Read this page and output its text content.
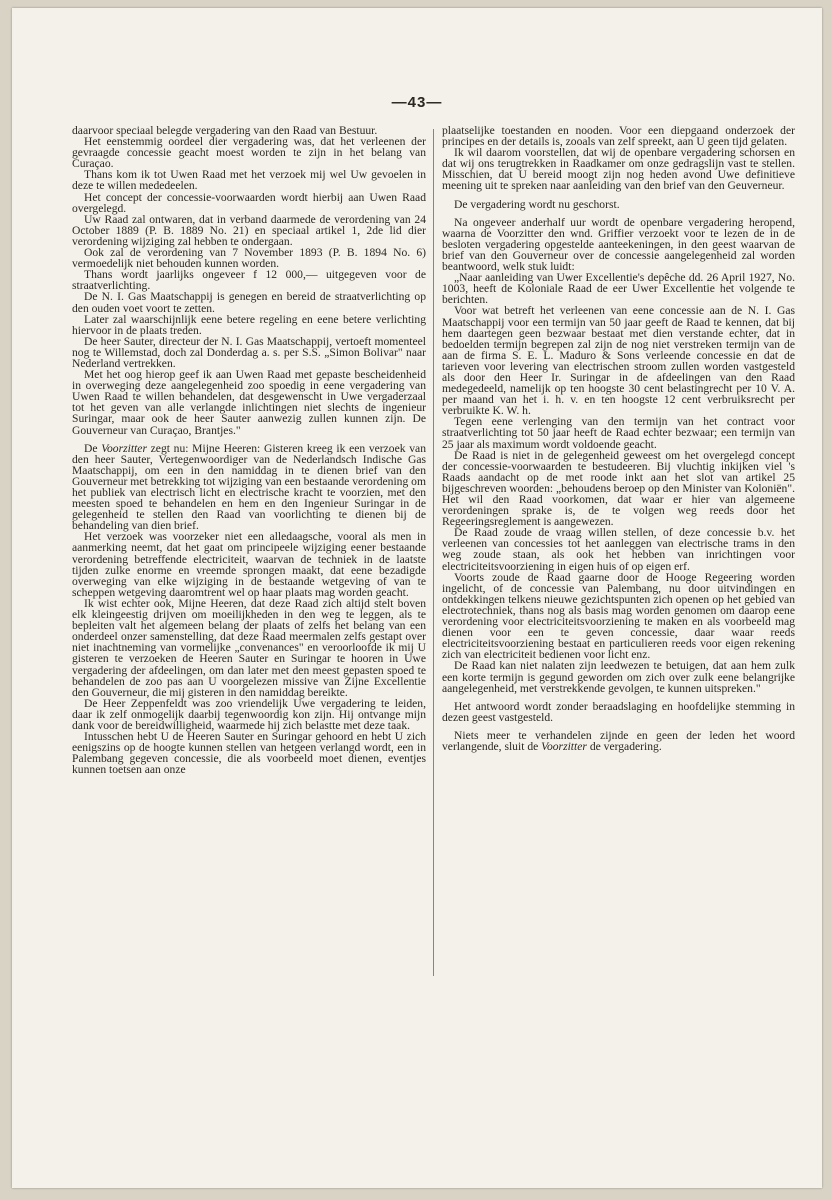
—43—

daarvoor speciaal belegde vergadering van den Raad van Bestuur.

Het eenstemmig oordeel dier vergadering was, dat het verleenen der gevraagde concessie geacht moest worden te zijn in het belang van Curaçao.

Thans kom ik tot Uwen Raad met het verzoek mij wel Uw gevoelen in deze te willen mededeelen.

Het concept der concessie-voorwaarden wordt hierbij aan Uwen Raad overgelegd.

Uw Raad zal ontwaren, dat in verband daarmede de verordening van 24 October 1889 (P. B. 1889 No. 21) en speciaal artikel 1, 2de lid dier verordening wijziging zal hebben te ondergaan.

Ook zal de verordening van 7 November 1893 (P. B. 1894 No. 6) vermoedelijk niet behouden kunnen worden.

Thans wordt jaarlijks ongeveer f 12 000,— uitgegeven voor de straatverlichting.

De N. I. Gas Maatschappij is genegen en bereid de straatverlichting op den ouden voet voort te zetten.

Later zal waarschijnlijk eene betere regeling en eene betere verlichting hiervoor in de plaats treden.

De heer Sauter, directeur der N. I. Gas Maatschappij, vertoeft momenteel nog te Willemstad, doch zal Donderdag a. s. per S.S. „Simon Bolivar" naar Nederland vertrekken.

Met het oog hierop geef ik aan Uwen Raad met gepaste bescheidenheid in overweging deze aangelegenheid zoo spoedig in eene vergadering van Uwen Raad te willen behandelen, dat desgewenscht in Uwe vergaderzaal tot het geven van alle verlangde inlichtingen niet slechts de ingenieur Suringar, maar ook de heer Sauter aanwezig zullen kunnen zijn. De Gouverneur van Curaçao, Brantjes."

De Voorzitter zegt nu: Mijne Heeren: Gisteren kreeg ik een verzoek van den heer Sauter, Vertegenwoordiger van de Nederlandsch Indische Gas Maatschappij, om een in den namiddag in te dienen brief van den Gouverneur met betrekking tot wijziging van een bestaande verordening om het publiek van electrisch licht en electrische kracht te voorzien, met den meesten spoed te behandelen en hem en den Ingenieur Suringar in de gelegenheid te stellen den Raad van voorlichting te dienen bij de behandeling van dien brief.

Het verzoek was voorzeker niet een alledaagsche, vooral als men in aanmerking neemt, dat het gaat om principeele wijziging eener bestaande verordening betreffende electriciteit, waarvan de techniek in de laatste tijden zulke enorme en vreemde sprongen maakt, dat eene bezadigde overweging van elke wijziging in de bestaande wetgeving of van te scheppen wetgeving daaromtrent wel op haar plaats mag worden geacht.

Ik wist echter ook, Mijne Heeren, dat deze Raad zich altijd stelt boven elk kleingeestig drijven om moeilijkheden in den weg te leggen, als te bepleiten valt het algemeen belang der plaats of zelfs het belang van een onderdeel onzer samenstelling, dat deze Raad meermalen zelfs gestapt over niet inachtneming van vormelijke „convenances" en veroorloofde ik mij U gisteren te verzoeken de Heeren Sauter en Suringar te hooren in Uwe vergadering der afdeelingen, om dan later met den meest gepasten spoed te behandelen de zoo pas aan U voorgelezen missive van Zijne Excellentie den Gouverneur, die mij gisteren in den namiddag bereikte.

De Heer Zeppenfeldt was zoo vriendelijk Uwe vergadering te leiden, daar ik zelf onmogelijk daarbij tegenwoordig kon zijn. Hij ontvange mijn dank voor de bereidwilligheid, waarmede hij zich belastte met deze taak.

Intusschen hebt U de Heeren Sauter en Suringar gehoord en hebt U zich eenigszins op de hoogte kunnen stellen van hetgeen verlangd wordt, een in Palembang gegeven concessie, die als voorbeeld moet dienen, eventjes kunnen toetsen aan onze

plaatselijke toestanden en nooden. Voor een diepgaand onderzoek der principes en der details is, zooals van zelf spreekt, aan U geen tijd gelaten.

Ik wil daarom voorstellen, dat wij de openbare vergadering schorsen en dat wij ons terugtrekken in Raadkamer om onze gedragslijn vast te stellen. Misschien, dat U bereid moogt zijn nog heden avond Uwe definitieve meening uit te spreken naar aanleiding van den brief van den Geuverneur.

De vergadering wordt nu geschorst.

Na ongeveer anderhalf uur wordt de openbare vergadering heropend, waarna de Voorzitter den wnd. Griffier verzoekt voor te lezen de in de besloten vergadering opgestelde aanteekeningen, in den geest waarvan de brief van den Gouverneur over de concessie aangelegenheid zal worden beantwoord, welk stuk luidt:

„Naar aanleiding van Uwer Excellentie's depêche dd. 26 April 1927, No. 1003, heeft de Koloniale Raad de eer Uwer Excellentie het volgende te berichten.

Voor wat betreft het verleenen van eene concessie aan de N. I. Gas Maatschappij voor een termijn van 50 jaar geeft de Raad te kennen, dat bij hem daartegen geen bezwaar bestaat met dien verstande echter, dat in bedoelden termijn begrepen zal zijn de nog niet verstreken termijn van de aan de firma S. E. L. Maduro & Sons verleende concessie en dat de tarieven voor levering van electrischen stroom zullen worden vastgesteld als door den Heer Ir. Suringar in de afdeelingen van den Raad medegedeeld, namelijk op ten hoogste 30 cent belastingrecht per 10 V. A. per maand van het i. h. v. en ten hoogste 12 cent verbruiksrecht per verbruikte K. W. h.

Tegen eene verlenging van den termijn van het contract voor straatverlichting tot 50 jaar heeft de Raad echter bezwaar; een termijn van 25 jaar als maximum wordt voldoende geacht.

De Raad is niet in de gelegenheid geweest om het overgelegd concept der concessie-voorwaarden te bestudeeren. Bij vluchtig inkijken viel 's Raads aandacht op de met roode inkt aan het slot van artikel 25 bijgeschreven woorden: „behoudens beroep op den Minister van Koloniën". Het wil den Raad voorkomen, dat waar er hier van algemeene verordeningen sprake is, de te volgen weg reeds door het Regeeringsreglement is aangewezen.

De Raad zoude de vraag willen stellen, of deze concessie b.v. het verleenen van concessies tot het aanleggen van electrische trams in den weg zoude staan, als ook het hebben van inrichtingen voor electriciteitsvoorziening in eigen huis of op eigen erf.

Voorts zoude de Raad gaarne door de Hooge Regeering worden ingelicht, of de concessie van Palembang, nu door uitvindingen en ontdekkingen telkens nieuwe gezichtspunten zich openen op het gebied van electrotechniek, thans nog als basis mag worden genomen om daarop eene verordening voor electriciteitsvoorziening te maken en als voorbeeld mag dienen voor een te geven concessie, daar waar reeds electriciteitsvoorziening bestaat en particulieren reeds voor eigen rekening zich van electriciteit bedienen voor licht enz.

De Raad kan niet nalaten zijn leedwezen te betuigen, dat aan hem zulk een korte termijn is gegund geworden om zich over zulk eene belangrijke aangelegenheid, met verstrekkende gevolgen, te kunnen uitspreken."

Het antwoord wordt zonder beraadslaging en hoofdelijke stemming in dezen geest vastgesteld.

Niets meer te verhandelen zijnde en geen der leden het woord verlangende, sluit de Voorzitter de vergadering.
